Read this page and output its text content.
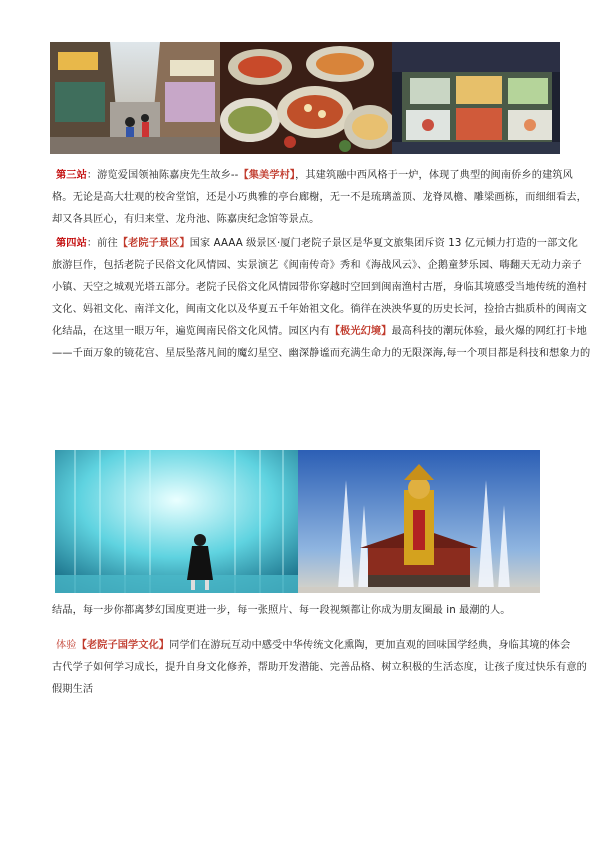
第三站：游览爱国领袖陈嘉庚先生故乡--【集美学村】，其建筑融中西风格于一炉，体现了典型的闽南侨乡的建筑风
格。无论是高大壮观的校舍堂馆，还是小巧典雅的亭台廊榭，无一不是琉璃盖顶、龙脊凤檐、雕梁画栋，而细细看去，
却又各具匠心，有归来堂、龙舟池、陈嘉庚纪念馆等景点。
第四站：前往【老院子景区】国家 AAAA 级景区·厦门老院子景区是华夏文旅集团斥资 13 亿元倾力打造的一部文化
旅游巨作，包括老院子民俗文化风情园、实景演艺《闽南传奇》秀和《海战风云》、企鹅童梦乐园、嗨翻天无动力亲子
小镇、天空之城观光塔五部分。老院子民俗文化风情园带你穿越时空回到闽南渔村古厝，身临其境感受当地传统的渔村
文化、妈祖文化、南洋文化，闽南文化以及华夏五千年始祖文化。徜徉在泱泱华夏的历史长河，捡拾古拙质朴的闽南文
化结晶，在这里一眼万年，遍览闽南民俗文化风情。园区内有【极光幻境】最高科技的潮玩体验，最火爆的网红打卡地
——千面万象的镜花宫、星辰坠落凡间的魔幻星空、幽深静谧而充满生命力的无限深海,每一个项目都是科技和想象力的
结晶，每一步你都离梦幻国度更进一步，每一张照片、每一段视频都让你成为朋友圈最 in 最潮的人。
体验【老院子国学文化】同学们在游玩互动中感受中华传统文化熏陶，更加直观的回味国学经典，身临其境的体会
古代学子如何学习成长，提升自身文化修养，帮助开发潜能、完善品格、树立积极的生活态度，让孩子度过快乐有意的
假期生活
